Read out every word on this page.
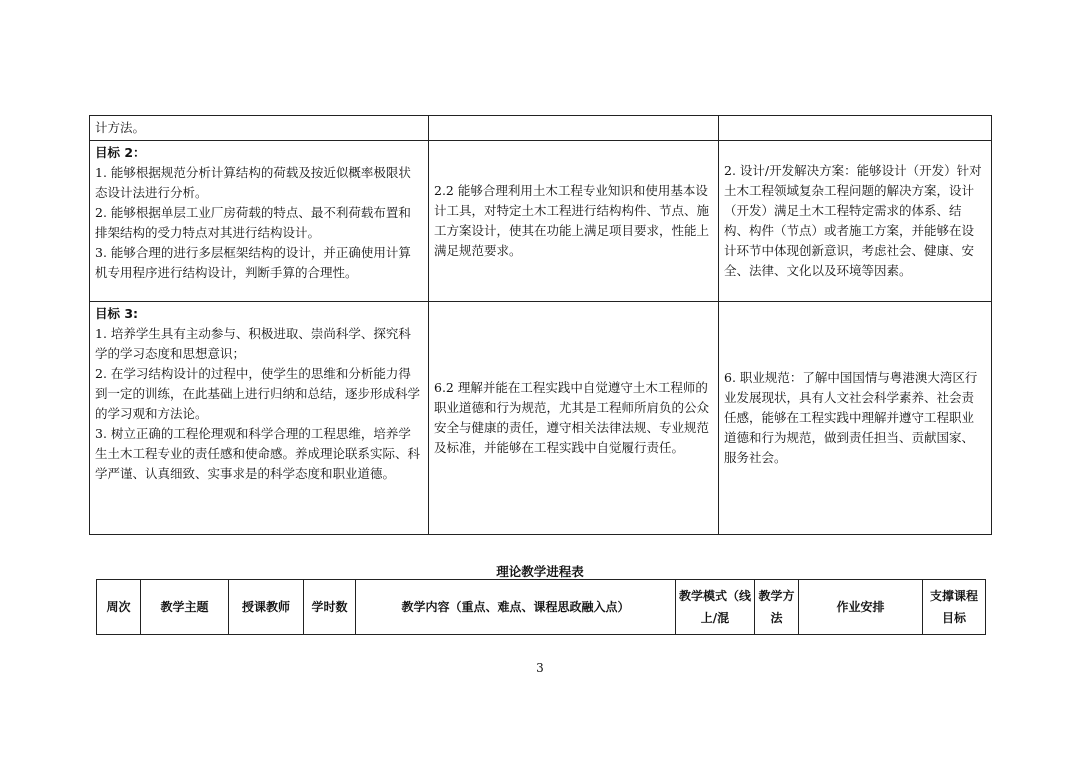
计方法。		

目标 2：
1. 能够根据规范分析计算结构的荷载及按近似概率极限状态设计法进行分析。
2. 能够根据单层工业厂房荷载的特点、最不利荷载布置和排架结构的受力特点对其进行结构设计。
3. 能够合理的进行多层框架结构的设计，并正确使用计算机专用程序进行结构设计，判断手算的合理性。	2.2 能够合理利用土木工程专业知识和使用基本设计工具，对特定土木工程进行结构构件、节点、施工方案设计，使其在功能上满足项目要求，性能上满足规范要求。	2. 设计/开发解决方案：能够设计（开发）针对土木工程领域复杂工程问题的解决方案，设计（开发）满足土木工程特定需求的体系、结构、构件（节点）或者施工方案，并能够在设计环节中体现创新意识，考虑社会、健康、安全、法律、文化以及环境等因素。

目标 3:
1. 培养学生具有主动参与、积极进取、崇尚科学、探究科学的学习态度和思想意识；
2. 在学习结构设计的过程中，使学生的思维和分析能力得到一定的训练，在此基础上进行归纳和总结，逐步形成科学的学习观和方法论。
3. 树立正确的工程伦理观和科学合理的工程思维，培养学生土木工程专业的责任感和使命感。养成理论联系实际、科学严谨、认真细致、实事求是的科学态度和职业道德。	6.2 理解并能在工程实践中自觉遵守土木工程师的职业道德和行为规范，尤其是工程师所肩负的公众安全与健康的责任，遵守相关法律法规、专业规范及标准，并能够在工程实践中自觉履行责任。	6. 职业规范：了解中国国情与粤港澳大湾区行业发展现状，具有人文社会科学素养、社会责任感，能够在工程实践中理解并遵守工程职业道德和行为规范，做到责任担当、贡献国家、服务社会。
理论教学进程表
周次	教学主题	授课教师	学时数	教学内容（重点、难点、课程思政融入点）	教学模式（线上/混	教学方法	作业安排	支撑课程目标
3
